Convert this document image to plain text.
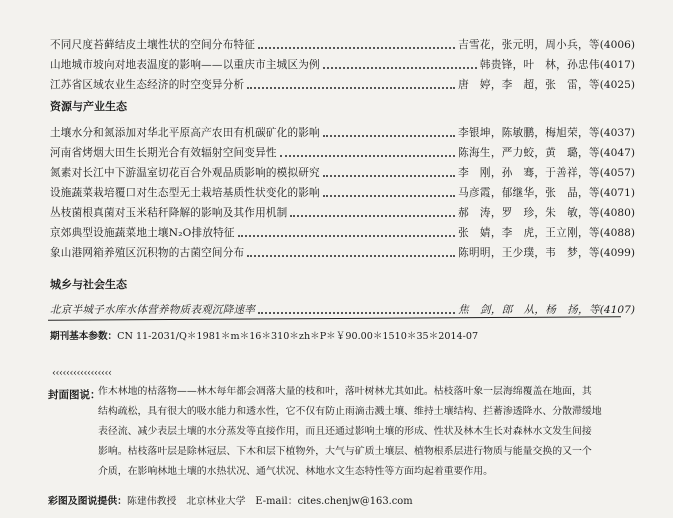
不同尺度苔藓结皮土壤性状的空间分布特征	吉雪花，张元明，周小兵，等 (4006)
山地城市坡向对地表温度的影响——以重庆市主城区为例	韩贵锋，叶　林，孙忠伟 (4017)
江苏省区域农业生态经济的时空变异分析	唐　婷，李　超，张　雷，等 (4025)
资源与产业生态
土壤水分和氮添加对华北平原高产农田有机碳矿化的影响	李银坤，陈敏鹏，梅旭荣，等 (4037)
河南省烤烟大田生长期光合有效辐射空间变异性	陈海生，严力蛟，黄　璐，等 (4047)
氮素对长江中下游温室切花百合外观品质影响的模拟研究	李　刚，孙　骞，于善祥，等 (4057)
设施蔬菜栽培覆口对生态型无土栽培基质性状变化的影响	马彦霞，郁继华，张　晶，等 (4071)
丛枝菌根真菌对玉米秸秆降解的影响及其作用机制	郝　涛，罗　珍，朱　敏，等 (4080)
京郊典型设施蔬菜地土壤N₂O排放特征	张　婧，李　虎，王立刚，等 (4088)
象山港网箱养殖区沉积物的古菌空间分布	陈明明，王少璞，韦　梦，等 (4099)
城乡与社会生态
北京半城子水库水体营养物质表观沉降速率	焦　剑，郎　从，杨　扬，等 (4107)
期刊基本参数：CN 11-2031/Q＊1981＊m＊16＊310＊zh＊P＊￥90.00＊1510＊35＊2014-07
‹‹‹‹‹‹‹‹‹‹‹‹‹‹‹‹‹
封面图说：
作木林地的枯落物——林木每年都会凋落大量的枝和叶，落叶树林尤其如此。枯枝落叶象一层海绵覆盖在地面，其
结构疏松，具有很大的吸水能力和透水性，它不仅有防止雨滴击溅土壤、维持土壤结构、拦蓄渗透降水、分散滞缓地
表径流、减少表层土壤的水分蒸发等直接作用，而且还通过影响土壤的形成、性状及林木生长对森林水文发生间接
影响。枯枝落叶层是除林冠层、下木和层下植物外，大气与矿质土壤层、植物根系层进行物质与能量交换的又一个
介质，在影响林地土壤的水热状况、通气状况、林地水文生态特性等方面均起着重要作用。
彩图及图说提供：陈建伟教授　北京林业大学　E-mail：cites.chenjw@163.com
